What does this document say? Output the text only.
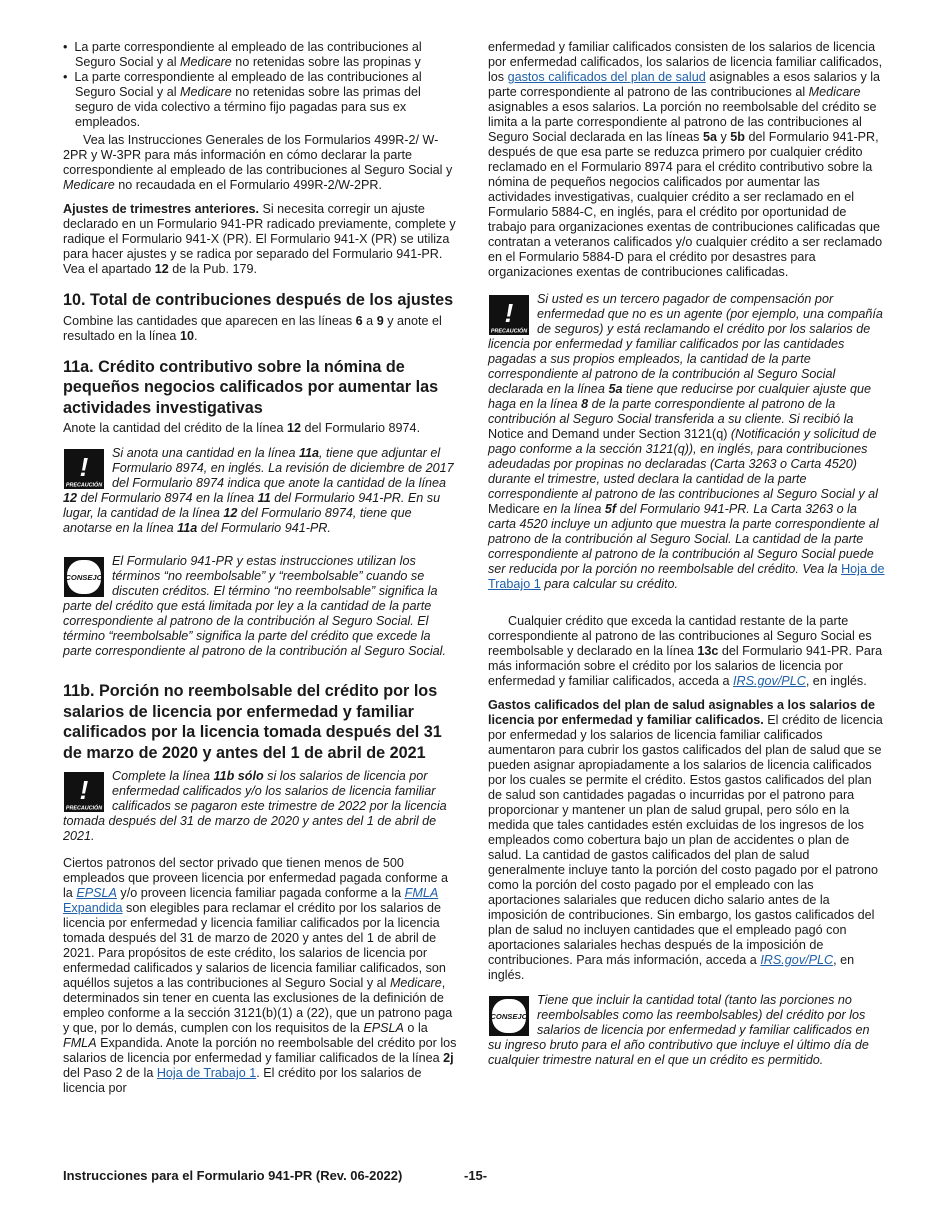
•  La parte correspondiente al empleado de las contribuciones al Seguro Social y al Medicare no retenidas sobre las propinas y

•  La parte correspondiente al empleado de las contribuciones al Seguro Social y al Medicare no retenidas sobre las primas del seguro de vida colectivo a término fijo pagadas para sus ex empleados.

Vea las Instrucciones Generales de los Formularios 499R-2/ W-2PR y W-3PR para más información en cómo declarar la parte correspondiente al empleado de las contribuciones al Seguro Social y Medicare no recaudada en el Formulario 499R-2/W-2PR.

Ajustes de trimestres anteriores. Si necesita corregir un ajuste declarado en un Formulario 941-PR radicado previamente, complete y radique el Formulario 941-X (PR). El Formulario 941-X (PR) se utiliza para hacer ajustes y se radica por separado del Formulario 941-PR. Vea el apartado 12 de la Pub. 179.

10. Total de contribuciones después de los ajustes

Combine las cantidades que aparecen en las líneas 6 a 9 y anote el resultado en la línea 10.

11a. Crédito contributivo sobre la nómina de pequeños negocios calificados por aumentar las actividades investigativas

Anote la cantidad del crédito de la línea 12 del Formulario 8974.

!
PRECAUCIÓN
Si anota una cantidad en la línea 11a, tiene que adjuntar el Formulario 8974, en inglés. La revisión de diciembre de 2017 del Formulario 8974 indica que anote la cantidad de la línea 12 del Formulario 8974 en la línea 11 del Formulario 941-PR. En su lugar, la cantidad de la línea 12 del Formulario 8974, tiene que anotarse en la línea 11a del Formulario 941-PR.
CONSEJO
El Formulario 941-PR y estas instrucciones utilizan los términos “no reembolsable” y “reembolsable” cuando se discuten créditos. El término “no reembolsable” significa la parte del crédito que está limitada por ley a la cantidad de la parte correspondiente al patrono de la contribución al Seguro Social. El término “reembolsable” significa la parte del crédito que excede la parte correspondiente al patrono de la contribución al Seguro Social.
11b. Porción no reembolsable del crédito por los salarios de licencia por enfermedad y familiar calificados por la licencia tomada después del 31 de marzo de 2020 y antes del 1 de abril de 2021
!
PRECAUCIÓN
Complete la línea 11b sólo si los salarios de licencia por enfermedad calificados y/o los salarios de licencia familiar calificados se pagaron este trimestre de 2022 por la licencia tomada después del 31 de marzo de 2020 y antes del 1 de abril de 2021.

Ciertos patronos del sector privado que tienen menos de 500 empleados que proveen licencia por enfermedad pagada conforme a la EPSLA y/o proveen licencia familiar pagada conforme a la FMLA Expandida son elegibles para reclamar el crédito por los salarios de licencia por enfermedad y licencia familiar calificados por la licencia tomada después del 31 de marzo de 2020 y antes del 1 de abril de 2021. Para propósitos de este crédito, los salarios de licencia por enfermedad calificados y salarios de licencia familiar calificados, son aquéllos sujetos a las contribuciones al Seguro Social y al Medicare, determinados sin tener en cuenta las exclusiones de la definición de empleo conforme a la sección 3121(b)(1) a (22), que un patrono paga y que, por lo demás, cumplen con los requisitos de la EPSLA o la FMLA Expandida. Anote la porción no reembolsable del crédito por los salarios de licencia por enfermedad y familiar calificados de la línea 2j del Paso 2 de la Hoja de Trabajo 1. El crédito por los salarios de licencia por

enfermedad y familiar calificados consisten de los salarios de licencia por enfermedad calificados, los salarios de licencia familiar calificados, los gastos calificados del plan de salud asignables a esos salarios y la parte correspondiente al patrono de las contribuciones al Medicare asignables a esos salarios. La porción no reembolsable del crédito se limita a la parte correspondiente al patrono de las contribuciones al Seguro Social declarada en las líneas 5a y 5b del Formulario 941-PR, después de que esa parte se reduzca primero por cualquier crédito reclamado en el Formulario 8974 para el crédito contributivo sobre la nómina de pequeños negocios calificados por aumentar las actividades investigativas, cualquier crédito a ser reclamado en el Formulario 5884-C, en inglés, para el crédito por oportunidad de trabajo para organizaciones exentas de contribuciones calificadas que contratan a veteranos calificados y/o cualquier crédito a ser reclamado en el Formulario 5884-D para el crédito por desastres para organizaciones exentas de contribuciones calificadas.

!
PRECAUCIÓN
Si usted es un tercero pagador de compensación por enfermedad que no es un agente (por ejemplo, una compañía de seguros) y está reclamando el crédito por los salarios de licencia por enfermedad y familiar calificados por las cantidades pagadas a sus propios empleados, la cantidad de la parte correspondiente al patrono de la contribución al Seguro Social declarada en la línea 5a tiene que reducirse por cualquier ajuste que haga en la línea 8 de la parte correspondiente al patrono de la contribución al Seguro Social transferida a su cliente. Si recibió la Notice and Demand under Section 3121(q) (Notificación y solicitud de pago conforme a la sección 3121(q)), en inglés, para contribuciones adeudadas por propinas no declaradas (Carta 3263 o Carta 4520) durante el trimestre, usted declara la cantidad de la parte correspondiente al patrono de las contribuciones al Seguro Social y al Medicare en la línea 5f del Formulario 941-PR. La Carta 3263 o la carta 4520 incluye un adjunto que muestra la parte correspondiente al patrono de la contribución al Seguro Social. La cantidad de la parte correspondiente al patrono de la contribución al Seguro Social puede ser reducida por la porción no reembolsable del crédito. Vea la Hoja de Trabajo 1 para calcular su crédito.

Cualquier crédito que exceda la cantidad restante de la parte correspondiente al patrono de las contribuciones al Seguro Social es reembolsable y declarado en la línea 13c del Formulario 941-PR. Para más información sobre el crédito por los salarios de licencia por enfermedad y familiar calificados, acceda a IRS.gov/PLC, en inglés.

Gastos calificados del plan de salud asignables a los salarios de licencia por enfermedad y familiar calificados. El crédito de licencia por enfermedad y los salarios de licencia familiar calificados aumentaron para cubrir los gastos calificados del plan de salud que se pueden asignar apropiadamente a los salarios de licencia calificados por los cuales se permite el crédito. Estos gastos calificados del plan de salud son cantidades pagadas o incurridas por el patrono para proporcionar y mantener un plan de salud grupal, pero sólo en la medida que tales cantidades estén excluidas de los ingresos de los empleados como cobertura bajo un plan de accidentes o plan de salud. La cantidad de gastos calificados del plan de salud generalmente incluye tanto la porción del costo pagado por el patrono como la porción del costo pagado por el empleado con las aportaciones salariales que reducen dicho salario antes de la imposición de contribuciones. Sin embargo, los gastos calificados del plan de salud no incluyen cantidades que el empleado pagó con aportaciones salariales hechas después de la imposición de contribuciones. Para más información, acceda a IRS.gov/PLC, en inglés.

CONSEJO
Tiene que incluir la cantidad total (tanto las porciones no reembolsables como las reembolsables) del crédito por los salarios de licencia por enfermedad y familiar calificados en su ingreso bruto para el año contributivo que incluye el último día de cualquier trimestre natural en el que un crédito es permitido.
Instrucciones para el Formulario 941-PR (Rev. 06-2022)	-15-
